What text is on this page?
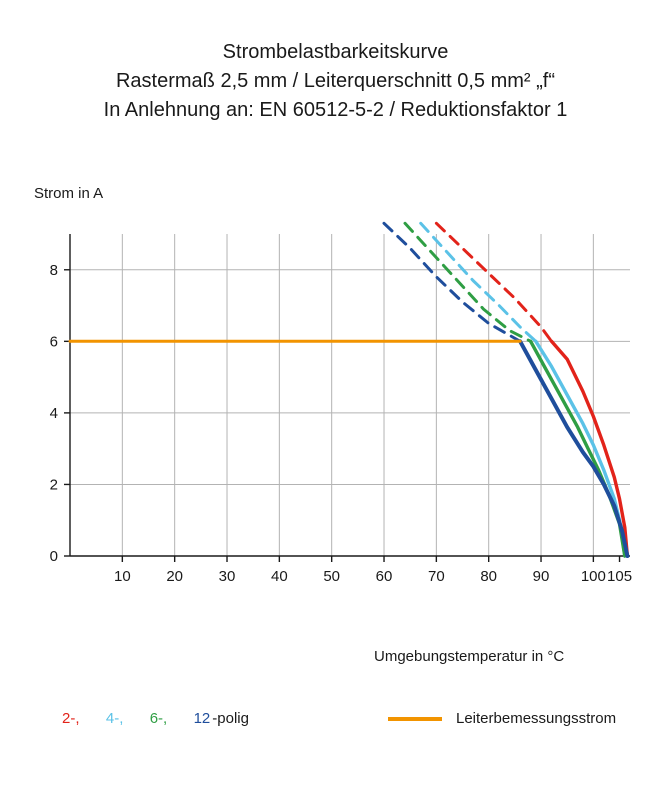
Strombelastbarkeitskurve
Rastermaß 2,5 mm / Leiterquerschnitt 0,5 mm² „f“
In Anlehnung an: EN 60512-5-2 / Reduktionsfaktor 1
Strom in A
0
2
4
6
8
10 20 30 40 50 60 70 80 90 100 105
Umgebungstemperatur in °C
2-, 4-, 6-, 12 -polig	Leiterbemessungsstrom
